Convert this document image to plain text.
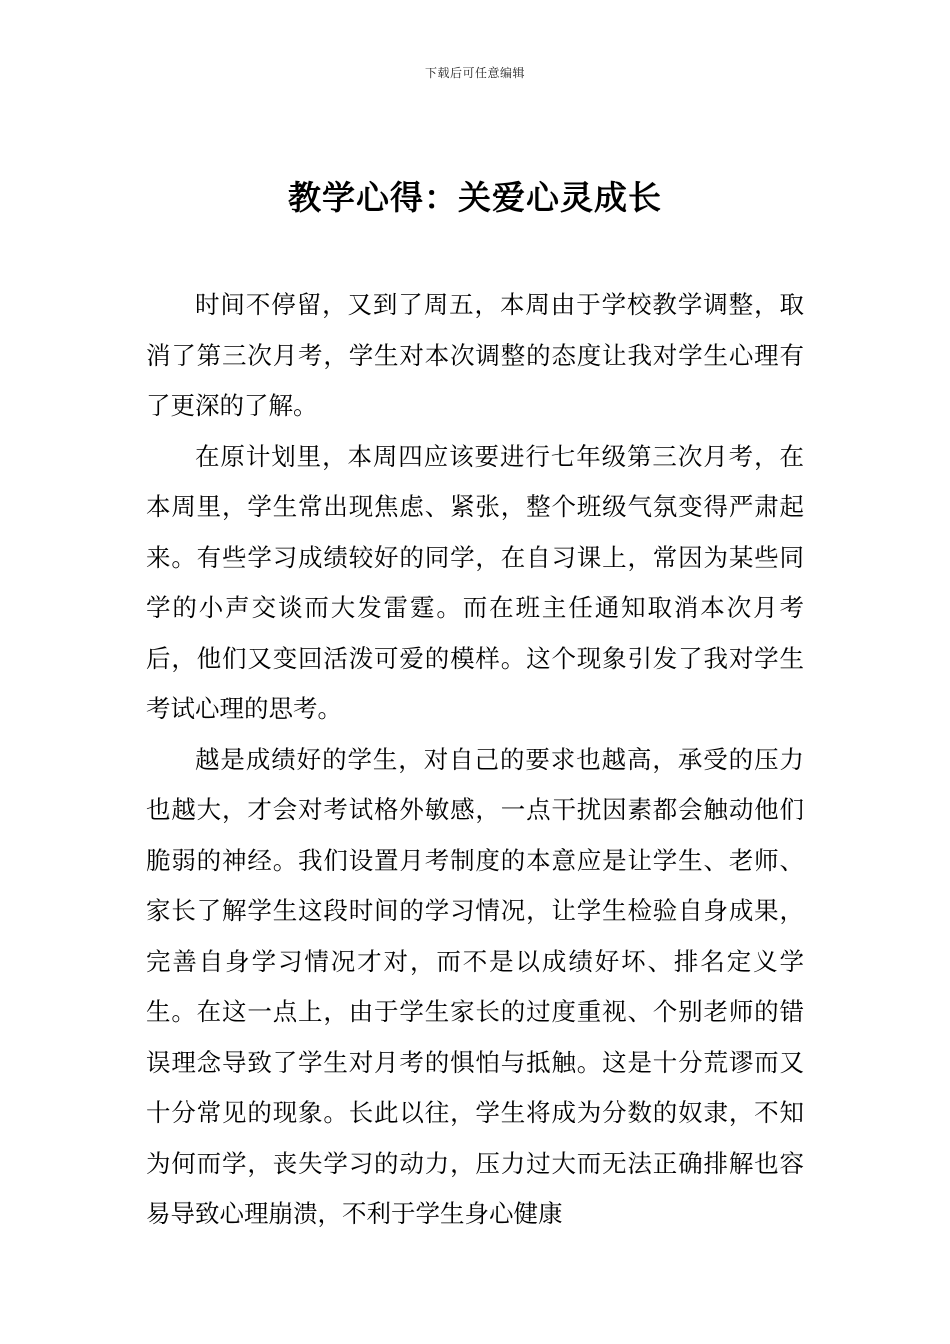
下载后可任意编辑
教学心得：关爱心灵成长

时间不停留，又到了周五，本周由于学校教学调整，取消了第三次月考，学生对本次调整的态度让我对学生心理有了更深的了解。

在原计划里，本周四应该要进行七年级第三次月考，在本周里，学生常出现焦虑、紧张，整个班级气氛变得严肃起来。有些学习成绩较好的同学，在自习课上，常因为某些同学的小声交谈而大发雷霆。而在班主任通知取消本次月考后，他们又变回活泼可爱的模样。这个现象引发了我对学生考试心理的思考。

越是成绩好的学生，对自己的要求也越高，承受的压力也越大，才会对考试格外敏感，一点干扰因素都会触动他们脆弱的神经。我们设置月考制度的本意应是让学生、老师、家长了解学生这段时间的学习情况，让学生检验自身成果，完善自身学习情况才对，而不是以成绩好坏、排名定义学生。在这一点上，由于学生家长的过度重视、个别老师的错误理念导致了学生对月考的惧怕与抵触。这是十分荒谬而又十分常见的现象。长此以往，学生将成为分数的奴隶，不知为何而学，丧失学习的动力，压力过大而无法正确排解也容易导致心理崩溃，不利于学生身心健康
